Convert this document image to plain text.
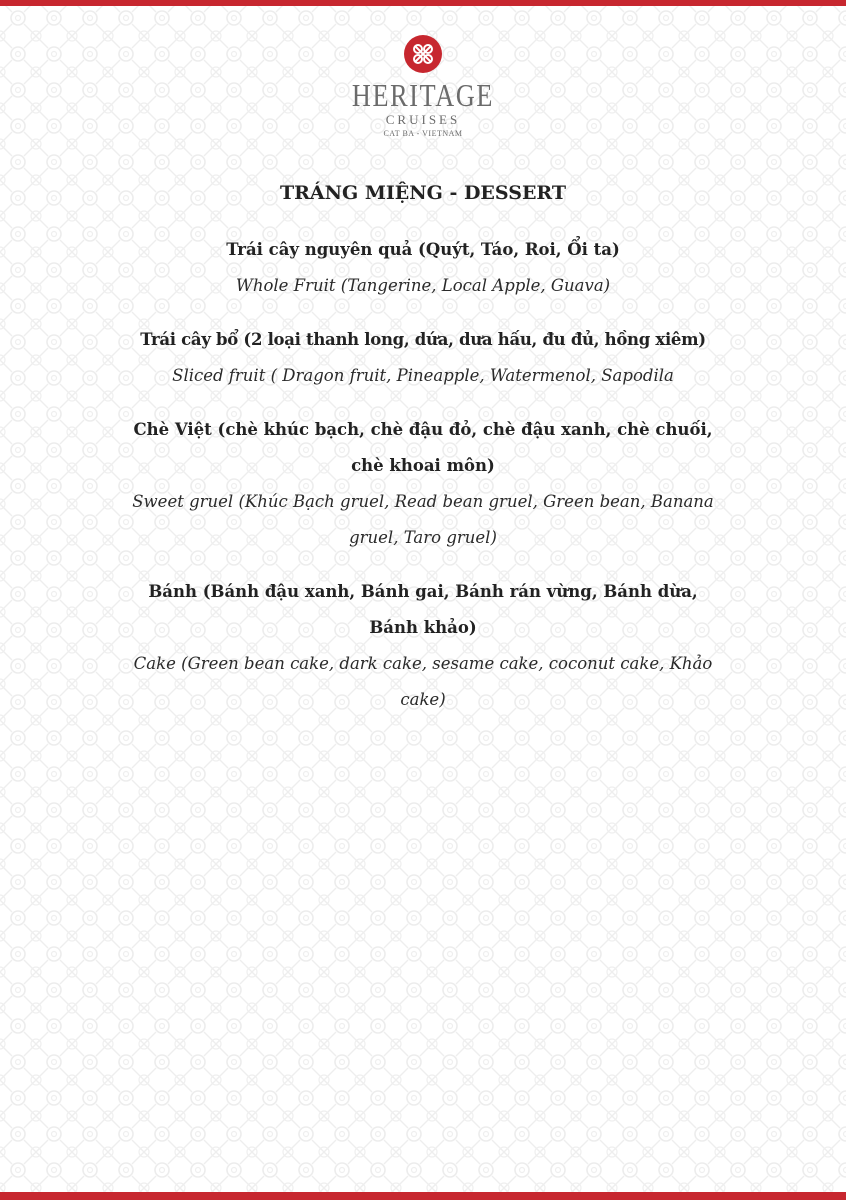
HERITAGE
CRUISES
CAT BA - VIETNAM
TRÁNG MIỆNG - DESSERT
Trái cây nguyên quả (Quýt, Táo, Roi, Ổi ta)
Whole Fruit (Tangerine, Local Apple, Guava)
Trái cây bổ (2 loại thanh long, dứa, dưa hấu, đu đủ, hồng xiêm)
Sliced fruit ( Dragon fruit, Pineapple, Watermenol, Sapodila
Chè Việt (chè khúc bạch, chè đậu đỏ, chè đậu xanh, chè chuối, chè khoai môn)
Sweet gruel (Khúc Bạch gruel, Read bean gruel, Green bean, Banana gruel, Taro gruel)
Bánh (Bánh đậu xanh, Bánh gai, Bánh rán vừng, Bánh dừa, Bánh khảo)
Cake (Green bean cake, dark cake, sesame cake, coconut cake, Khảo cake)
